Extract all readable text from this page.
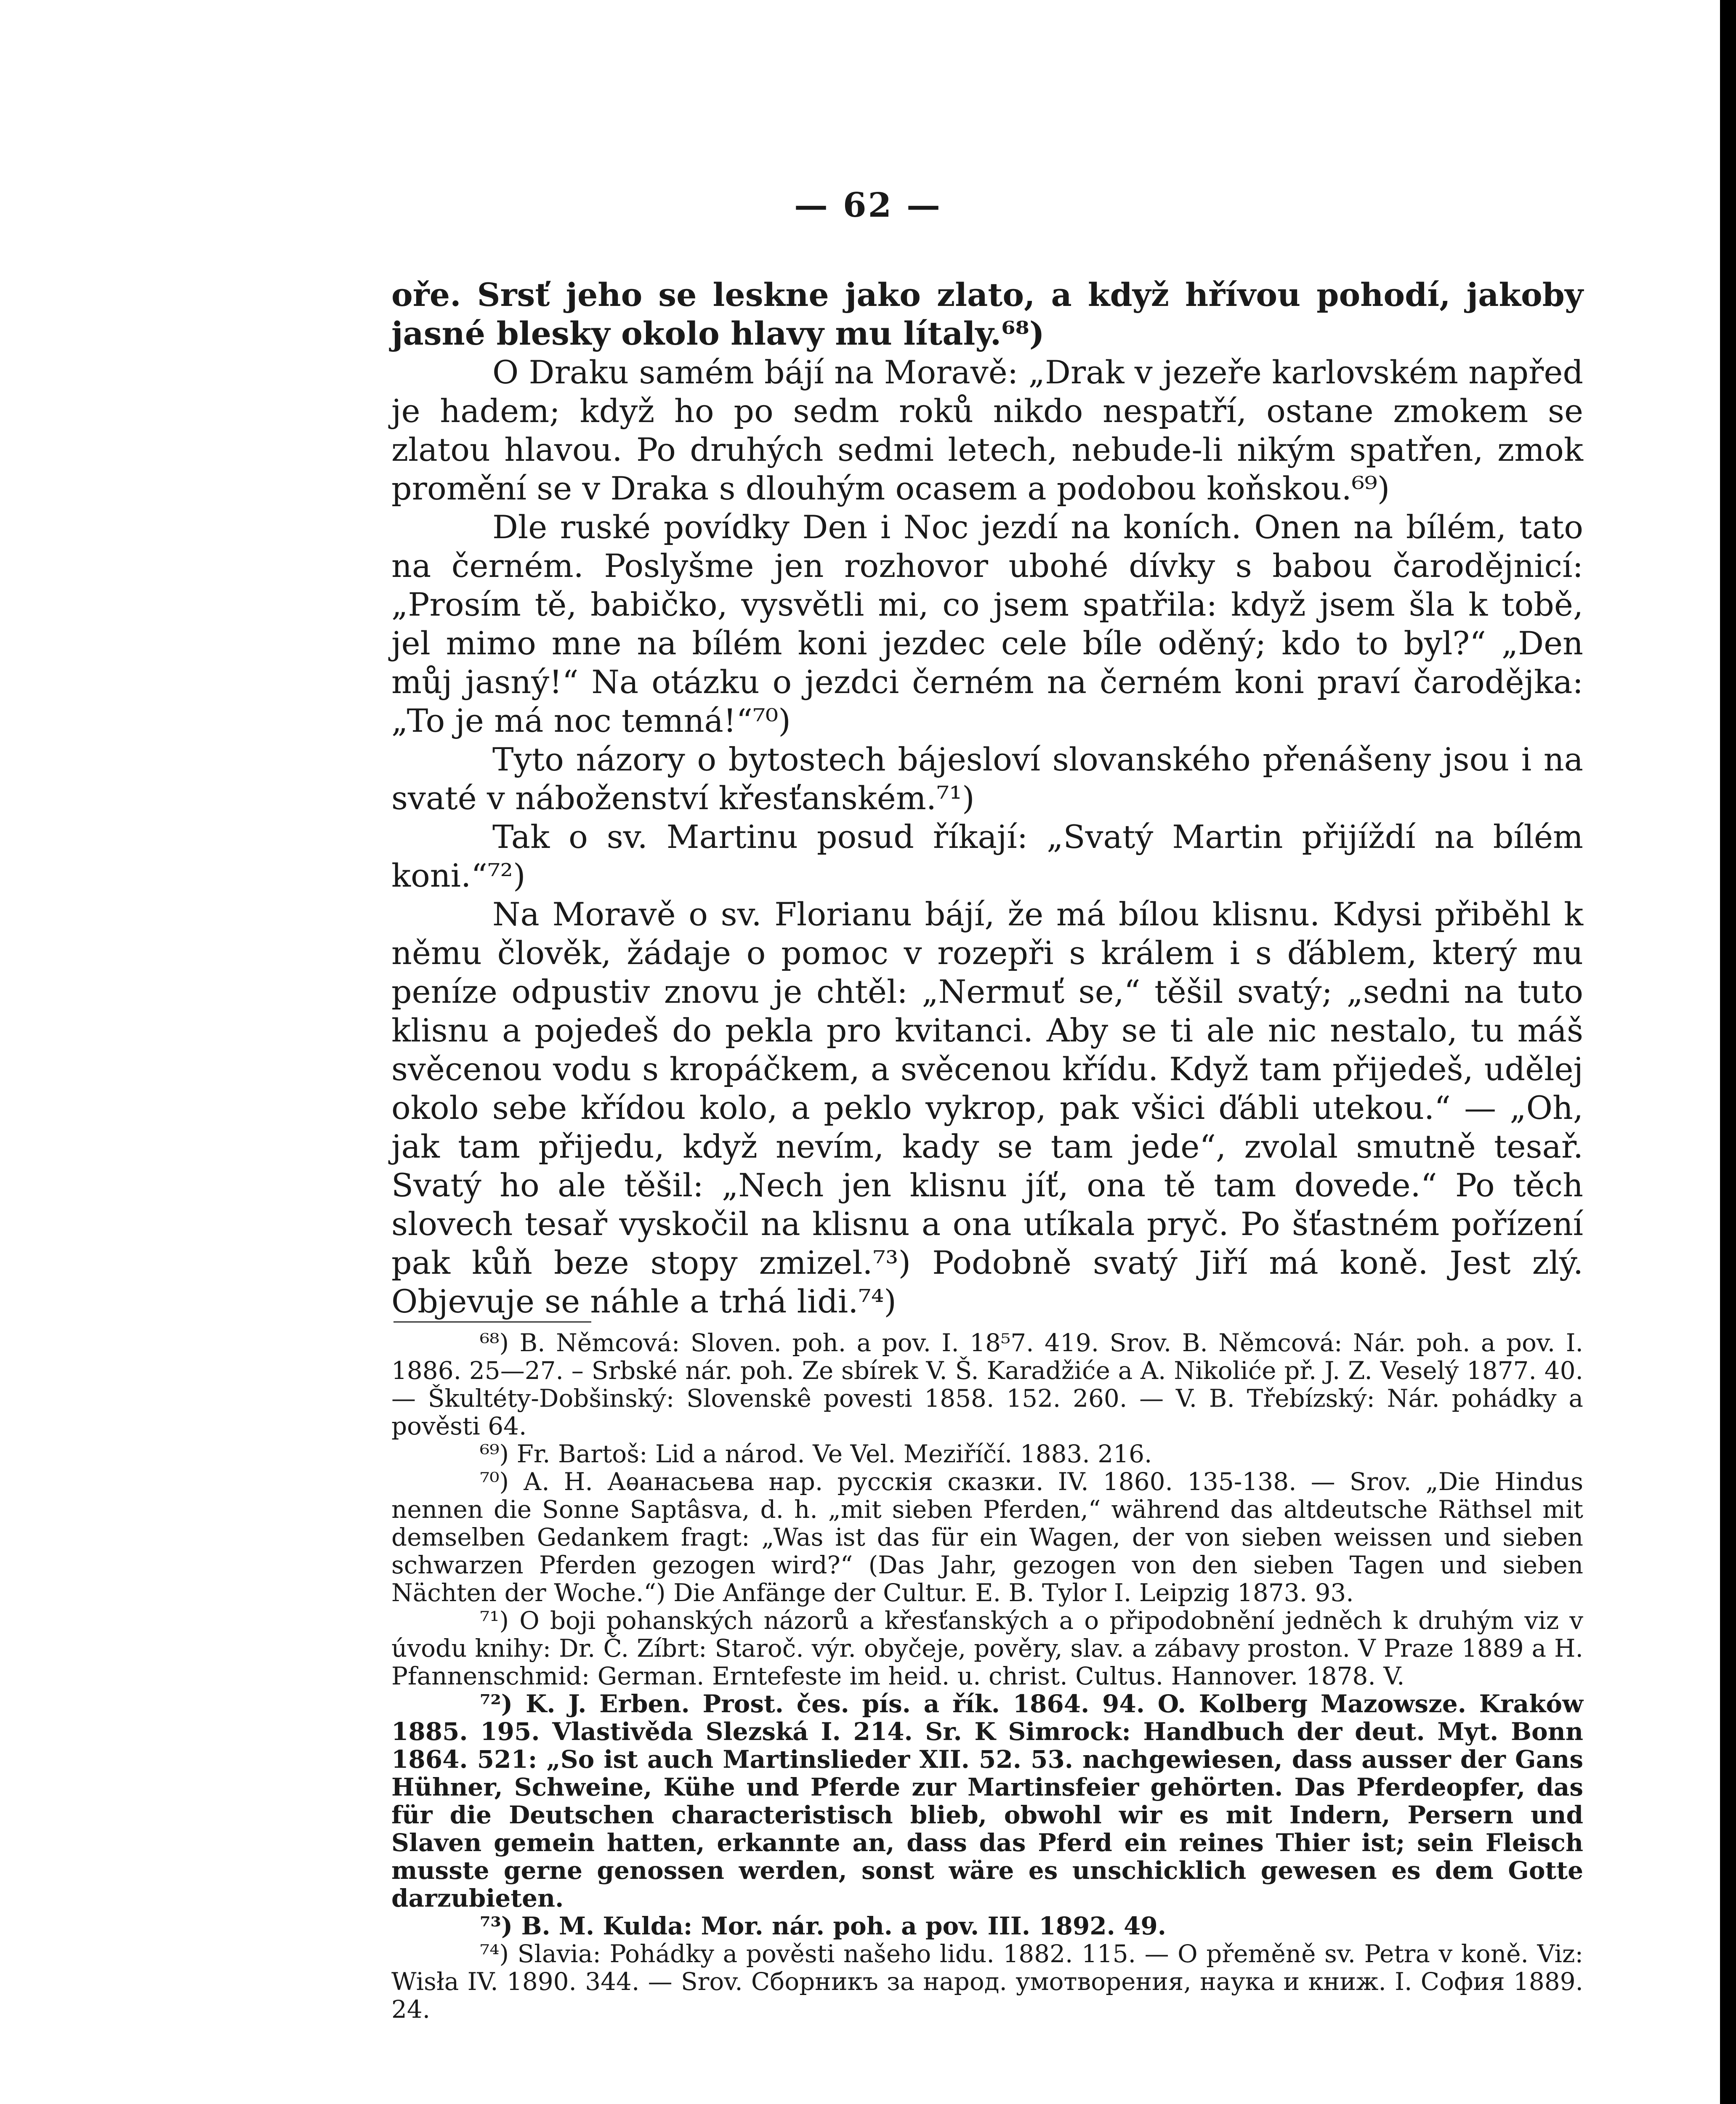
— 62 —

oře. Srsť jeho se leskne jako zlato, a když hřívou pohodí, jakoby jasné blesky okolo hlavy mu lítaly.⁶⁸)

O Draku samém bájí na Moravě: „Drak v jezeře karlovském napřed je hadem; když ho po sedm roků nikdo nespatří, ostane zmokem se zlatou hlavou. Po druhých sedmi letech, nebude-li nikým spatřen, zmok promění se v Draka s dlouhým ocasem a podobou koňskou.⁶⁹)

Dle ruské povídky Den i Noc jezdí na koních. Onen na bílém, tato na černém. Poslyšme jen rozhovor ubohé dívky s babou čarodějnicí: „Prosím tě, babičko, vysvětli mi, co jsem spatřila: když jsem šla k tobě, jel mimo mne na bílém koni jezdec cele bíle oděný; kdo to byl?“ „Den můj jasný!“ Na otázku o jezdci černém na černém koni praví čarodějka: „To je má noc temná!“⁷⁰)

Tyto názory o bytostech bájesloví slovanského přenášeny jsou i na svaté v náboženství křesťanském.⁷¹)

Tak o sv. Martinu posud říkají: „Svatý Martin přijíždí na bílém koni.“⁷²)

Na Moravě o sv. Florianu bájí, že má bílou klisnu. Kdysi přiběhl k němu člověk, žádaje o pomoc v rozepři s králem i s ďáblem, který mu peníze odpustiv znovu je chtěl: „Nermuť se,“ těšil svatý; „sedni na tuto klisnu a pojedeš do pekla pro kvitanci. Aby se ti ale nic nestalo, tu máš svěcenou vodu s kropáčkem, a svěcenou křídu. Když tam přijedeš, udělej okolo sebe křídou kolo, a peklo vykrop, pak všici ďábli utekou.“ — „Oh, jak tam přijedu, když nevím, kady se tam jede“, zvolal smutně tesař. Svatý ho ale těšil: „Nech jen klisnu jíť, ona tě tam dovede.“ Po těch slovech tesař vyskočil na klisnu a ona utíkala pryč. Po šťastném pořízení pak kůň beze stopy zmizel.⁷³) Podobně svatý Jiří má koně. Jest zlý. Objevuje se náhle a trhá lidi.⁷⁴)

⁶⁸) B. Němcová: Sloven. poh. a pov. I. 18⁵7. 419. Srov. B. Němcová: Nár. poh. a pov. I. 1886. 25—27. – Srbské nár. poh. Ze sbírek V. Š. Karadžiće a A. Nikoliće př. J. Z. Veselý 1877. 40. — Škultéty-Dobšinský: Slovenskê povesti 1858. 152. 260. — V. B. Třebízský: Nár. pohádky a pověsti 64.

⁶⁹) Fr. Bartoš: Lid a národ. Ve Vel. Meziříčí. 1883. 216.

⁷⁰) А. Н. Аѳанасьева нар. русскія сказки. IV. 1860. 135-138. — Srov. „Die Hindus nennen die Sonne Saptâsva, d. h. „mit sieben Pferden,“ während das altdeutsche Räthsel mit demselben Gedankem fragt: „Was ist das für ein Wagen, der von sieben weissen und sieben schwarzen Pferden gezogen wird?“ (Das Jahr, gezogen von den sieben Tagen und sieben Nächten der Woche.“) Die Anfänge der Cultur. E. B. Tylor I. Leipzig 1873. 93.

⁷¹) O boji pohanských názorů a křesťanských a o připodobnění jedněch k druhým viz v úvodu knihy: Dr. Č. Zíbrt: Staroč. výr. obyčeje, pověry, slav. a zábavy proston. V Praze 1889 a H. Pfannenschmid: German. Erntefeste im heid. u. christ. Cultus. Hannover. 1878. V.

⁷²) K. J. Erben. Prost. čes. pís. a řík. 1864. 94. O. Kolberg Mazowsze. Kraków 1885. 195. Vlastivěda Slezská I. 214. Sr. K Simrock: Handbuch der deut. Myt. Bonn 1864. 521: „So ist auch Martinslieder XII. 52. 53. nachgewiesen, dass ausser der Gans Hühner, Schweine, Kühe und Pferde zur Martinsfeier gehörten. Das Pferdeopfer, das für die Deutschen characteristisch blieb, obwohl wir es mit Indern, Persern und Slaven gemein hatten, erkannte an, dass das Pferd ein reines Thier ist; sein Fleisch musste gerne genossen werden, sonst wäre es unschicklich gewesen es dem Gotte darzubieten.

⁷³) B. M. Kulda: Mor. nár. poh. a pov. III. 1892. 49.

⁷⁴) Slavia: Pohádky a pověsti našeho lidu. 1882. 115. — O přeměně sv. Petra v koně. Viz: Wisła IV. 1890. 344. — Srov. Сборникъ за народ. умотворения, наука и книж. I. София 1889. 24.
